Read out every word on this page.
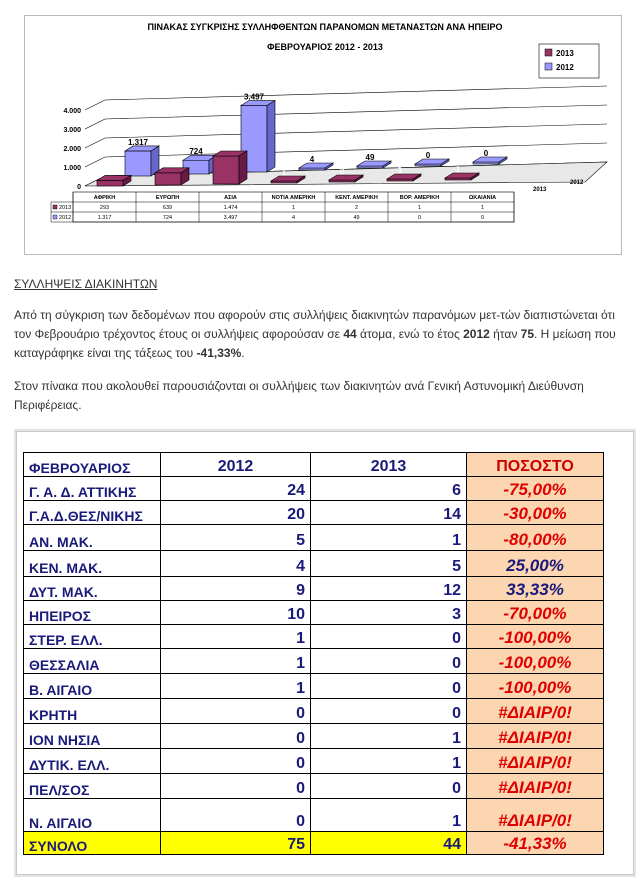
ΠΙΝΑΚΑΣ ΣΥΓΚΡΙΣΗΣ ΣΥΛΛΗΦΘΕΝΤΩΝ ΠΑΡΑΝΟΜΩΝ ΜΕΤΑΝΑΣΤΩΝ ΑΝΑ ΗΠΕΙΡΟ
ΦΕΒΡΟΥΑΡΙΟΣ 2012 - 2013
0
1.000
2.000
3.000
4.000
1.317
293
724
639
3.497
1.474
4
1
49
2
0
1
0
1
2013
2012
ΑΦΡΙΚΗ	ΕΥΡΩΠΗ	ΑΣΙΑ	ΝΟΤΙΑ ΑΜΕΡΙΚΗ	ΚΕΝΤ. ΑΜΕΡΙΚΗ	ΒΟΡ. ΑΜΕΡΙΚΗ	ΩΚΑΙΑΝΙΑ
2013	293	639	1.474	1	2	1	1
2012	1.317	724	3.497	4	49	0	0
2013
2012
ΣΥΛΛΗΨΕΙΣ ΔΙΑΚΙΝΗΤΩΝ
Από τη σύγκριση των δεδομένων που αφορούν στις συλλήψεις διακινητών παρανόμων μετ-τών διαπιστώνεται ότι τον Φεβρουάριο τρέχοντος έτους οι συλλήψεις αφορούσαν σε 44 άτομα, ενώ το έτος 2012 ήταν 75. Η μείωση που καταγράφηκε είναι της τάξεως του -41,33%.
Στον πίνακα που ακολουθεί παρουσιάζονται οι συλλήψεις των διακινητών ανά Γενική Αστυνομική Διεύθυνση Περιφέρειας.
ΦΕΒΡΟΥΑΡΙΟΣ	2012	2013	ΠΟΣΟΣΤΟ
Γ. Α. Δ. ΑΤΤΙΚΗΣ	24	6	-75,00%
Γ.Α.Δ.ΘΕΣ/ΝΙΚΗΣ	20	14	-30,00%
ΑΝ. ΜΑΚ.	5	1	-80,00%
ΚΕΝ. ΜΑΚ.	4	5	25,00%
ΔΥΤ. ΜΑΚ.	9	12	33,33%
ΗΠΕΙΡΟΣ	10	3	-70,00%
ΣΤΕΡ. ΕΛΛ.	1	0	-100,00%
ΘΕΣΣΑΛΙΑ	1	0	-100,00%
Β. ΑΙΓΑΙΟ	1	0	-100,00%
ΚΡΗΤΗ	0	0	#ΔΙΑΙΡ/0!
ΙΟΝ ΝΗΣΙΑ	0	1	#ΔΙΑΙΡ/0!
ΔΥΤΙΚ. ΕΛΛ.	0	1	#ΔΙΑΙΡ/0!
ΠΕΛ/ΣΟΣ	0	0	#ΔΙΑΙΡ/0!
Ν. ΑΙΓΑΙΟ	0	1	#ΔΙΑΙΡ/0!
ΣΥΝΟΛΟ	75	44	-41,33%
